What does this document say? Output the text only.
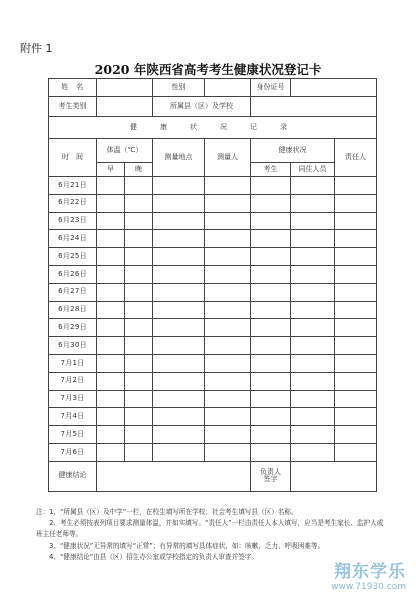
附件 1
2020 年陕西省高考考生健康状况登记卡
姓　名			性别		身份证号		
考生类别			所属县（区）及学校				
健　康　状　况　记　录							
时　间	体温（℃）		测量地点	测量人	健康状况		责任人
	早	晚			考生	同住人员	
6月21日							
6月22日							
6月23日							
6月24日							
6月25日							
6月26日							
6月27日							
6月28日							
6月29日							
6月30日							
7月1日							
7月2日							
7月3日							
7月4日							
7月5日							
7月6日							
健康结论					负责人
签字		

注：1、“所属县（区）及中学”一栏，在校生填写所在学校；社会考生填写县（区）名称。

　　2、考生必须按表列项目要求测量体温，并如实填写。“责任人”一栏由责任人本人填写，应当是考生家长、监护人或班主任老师等。

　　3、“健康状况”无异常的填写“正常”；有异常的填写具体症状，如：咳嗽、乏力、呼吸困难等。

　　4、“健康结论”由县（区）招生办公室或学校指定的负责人审查并签字。

翔东学乐
www.71930.com
